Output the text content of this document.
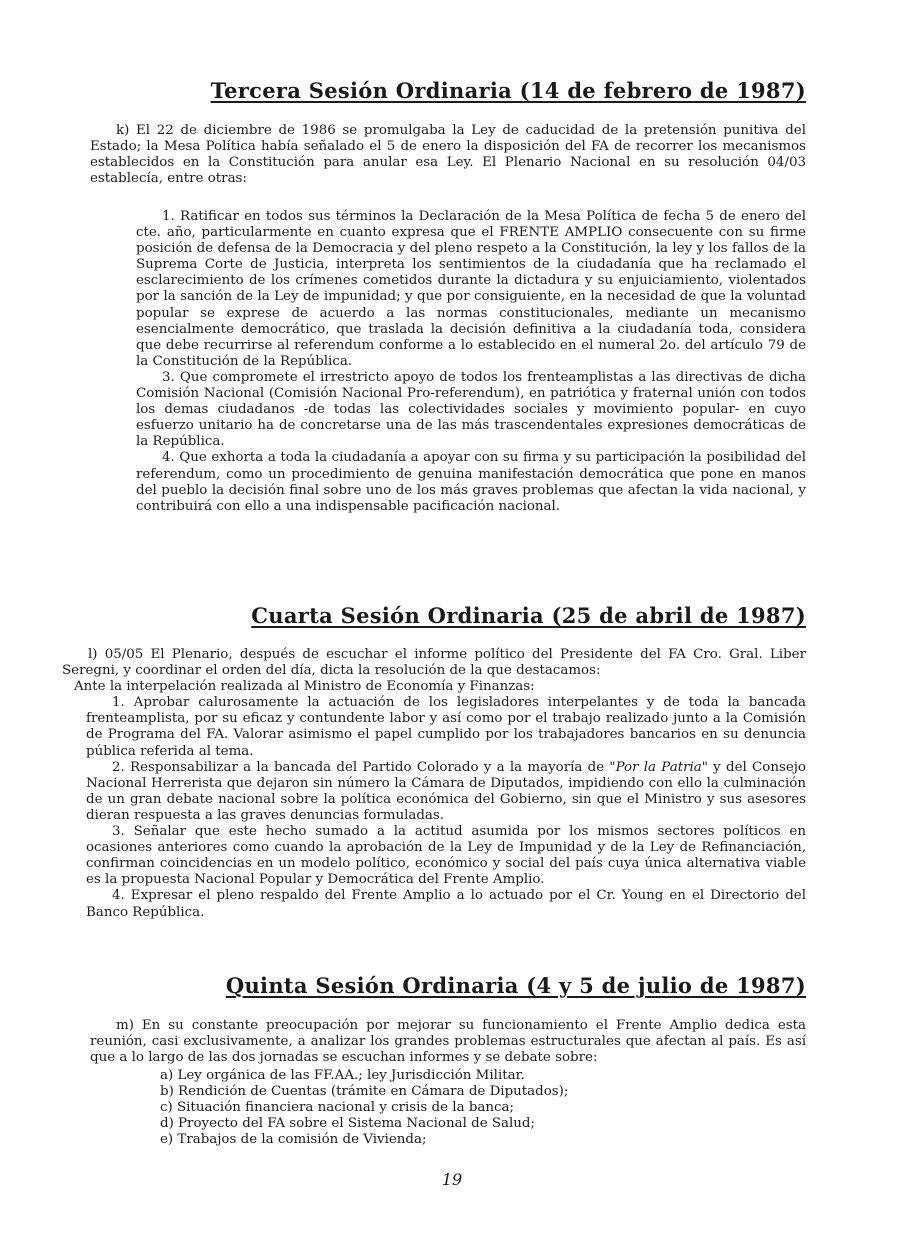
Tercera Sesión Ordinaria (14 de febrero de 1987)

k) El 22 de diciembre de 1986 se promulgaba la Ley de caducidad de la pretensión punitiva del Estado; la Mesa Política había señalado el 5 de enero la disposición del FA de recorrer los mecanismos establecidos en la Constitución para anular esa Ley. El Plenario Nacional en su resolución 04/03 establecía, entre otras:

1. Ratificar en todos sus términos la Declaración de la Mesa Política de fecha 5 de enero del cte. año, particularmente en cuanto expresa que el FRENTE AMPLIO consecuente con su firme posición de defensa de la Democracia y del pleno respeto a la Constitución, la ley y los fallos de la Suprema Corte de Justicia, interpreta los sentimientos de la ciudadanía que ha reclamado el esclarecimiento de los crímenes cometidos durante la dictadura y su enjuiciamiento, violentados por la sanción de la Ley de impunidad; y que por consiguiente, en la necesidad de que la voluntad popular se exprese de acuerdo a las normas constitucionales, mediante un mecanismo esencialmente democrático, que traslada la decisión definitiva a la ciudadanía toda, considera que debe recurrirse al referendum conforme a lo establecido en el numeral 2o. del artículo 79 de la Constitución de la República.

3. Que compromete el irrestricto apoyo de todos los frenteamplistas a las directivas de dicha Comisión Nacional (Comisión Nacional Pro-referendum), en patriótica y fraternal unión con todos los demas ciudadanos -de todas las colectividades sociales y movimiento popular- en cuyo esfuerzo unitario ha de concretarse una de las más trascendentales expresiones democráticas de la República.

4. Que exhorta a toda la ciudadanía a apoyar con su firma y su participación la posibilidad del referendum, como un procedimiento de genuina manifestación democrática que pone en manos del pueblo la decisión final sobre uno de los más graves problemas que afectan la vida nacional, y contribuirá con ello a una indispensable pacificación nacional.

Cuarta Sesión Ordinaria (25 de abril de 1987)

l) 05/05 El Plenario, después de escuchar el informe político del Presidente del FA Cro. Gral. Liber Seregni, y coordinar el orden del día, dicta la resolución de la que destacamos:

Ante la interpelación realizada al Ministro de Economía y Finanzas:

1. Aprobar calurosamente la actuación de los legisladores interpelantes y de toda la bancada frenteamplista, por su eficaz y contundente labor y así como por el trabajo realizado junto a la Comisión de Programa del FA. Valorar asimismo el papel cumplido por los trabajadores bancarios en su denuncia pública referida al tema.
2. Responsabilizar a la bancada del Partido Colorado y a la mayoría de "Por la Patria" y del Consejo Nacional Herrerista que dejaron sin número la Cámara de Diputados, impidiendo con ello la culminación de un gran debate nacional sobre la política económica del Gobierno, sin que el Ministro y sus asesores dieran respuesta a las graves denuncias formuladas.
3. Señalar que este hecho sumado a la actitud asumida por los mismos sectores políticos en ocasiones anteriores como cuando la aprobación de la Ley de Impunidad y de la Ley de Refinanciación, confirman coincidencias en un modelo político, económico y social del país cuya única alternativa viable es la propuesta Nacional Popular y Democrática del Frente Amplio.
4. Expresar el pleno respaldo del Frente Amplio a lo actuado por el Cr. Young en el Directorio del Banco República.

Quinta Sesión Ordinaria (4 y 5 de julio de 1987)

m) En su constante preocupación por mejorar su funcionamiento el Frente Amplio dedica esta reunión, casi exclusivamente, a analizar los grandes problemas estructurales que afectan al país. Es así que a lo largo de las dos jornadas se escuchan informes y se debate sobre:

a) Ley orgánica de las FF.AA.; ley Jurisdicción Militar.
b) Rendición de Cuentas (trámite en Cámara de Diputados);
c) Situación financiera nacional y crisis de la banca;
d) Proyecto del FA sobre el Sistema Nacional de Salud;
e) Trabajos de la comisión de Vivienda;
19
